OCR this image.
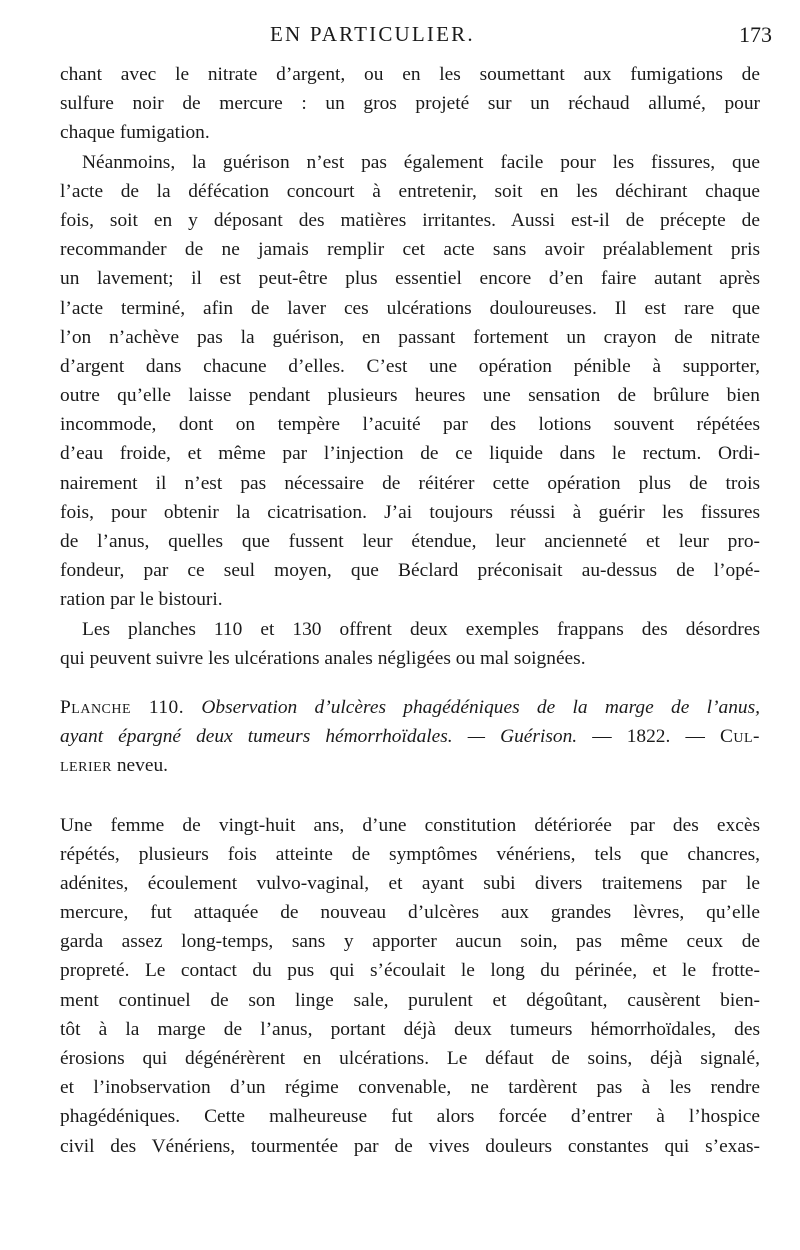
EN PARTICULIER.	173
chant avec le nitrate d’argent, ou en les soumettant aux fumigations de
sulfure noir de mercure : un gros projeté sur un réchaud allumé, pour
chaque fumigation.
Néanmoins, la guérison n’est pas également facile pour les fissures, que
l’acte de la défécation concourt à entretenir, soit en les déchirant chaque
fois, soit en y déposant des matières irritantes. Aussi est-il de précepte de
recommander de ne jamais remplir cet acte sans avoir préalablement pris
un lavement; il est peut-être plus essentiel encore d’en faire autant après
l’acte terminé, afin de laver ces ulcérations douloureuses. Il est rare que
l’on n’achève pas la guérison, en passant fortement un crayon de nitrate
d’argent dans chacune d’elles. C’est une opération pénible à supporter,
outre qu’elle laisse pendant plusieurs heures une sensation de brûlure bien
incommode, dont on tempère l’acuité par des lotions souvent répétées
d’eau froide, et même par l’injection de ce liquide dans le rectum. Ordi-
nairement il n’est pas nécessaire de réitérer cette opération plus de trois
fois, pour obtenir la cicatrisation. J’ai toujours réussi à guérir les fissures
de l’anus, quelles que fussent leur étendue, leur ancienneté et leur pro-
fondeur, par ce seul moyen, que Béclard préconisait au-dessus de l’opé-
ration par le bistouri.
Les planches 110 et 130 offrent deux exemples frappans des désordres
qui peuvent suivre les ulcérations anales négligées ou mal soignées.
Planche 110. Observation d’ulcères phagédéniques de la marge de l’anus,
ayant épargné deux tumeurs hémorrhoïdales. — Guérison. — 1822. — Cul-
lerier neveu.
Une femme de vingt-huit ans, d’une constitution détériorée par des excès
répétés, plusieurs fois atteinte de symptômes vénériens, tels que chancres,
adénites, écoulement vulvo-vaginal, et ayant subi divers traitemens par le
mercure, fut attaquée de nouveau d’ulcères aux grandes lèvres, qu’elle
garda assez long-temps, sans y apporter aucun soin, pas même ceux de
propreté. Le contact du pus qui s’écoulait le long du périnée, et le frotte-
ment continuel de son linge sale, purulent et dégoûtant, causèrent bien-
tôt à la marge de l’anus, portant déjà deux tumeurs hémorrhoïdales, des
érosions qui dégénérèrent en ulcérations. Le défaut de soins, déjà signalé,
et l’inobservation d’un régime convenable, ne tardèrent pas à les rendre
phagédéniques. Cette malheureuse fut alors forcée d’entrer à l’hospice
civil des Vénériens, tourmentée par de vives douleurs constantes qui s’exas-
